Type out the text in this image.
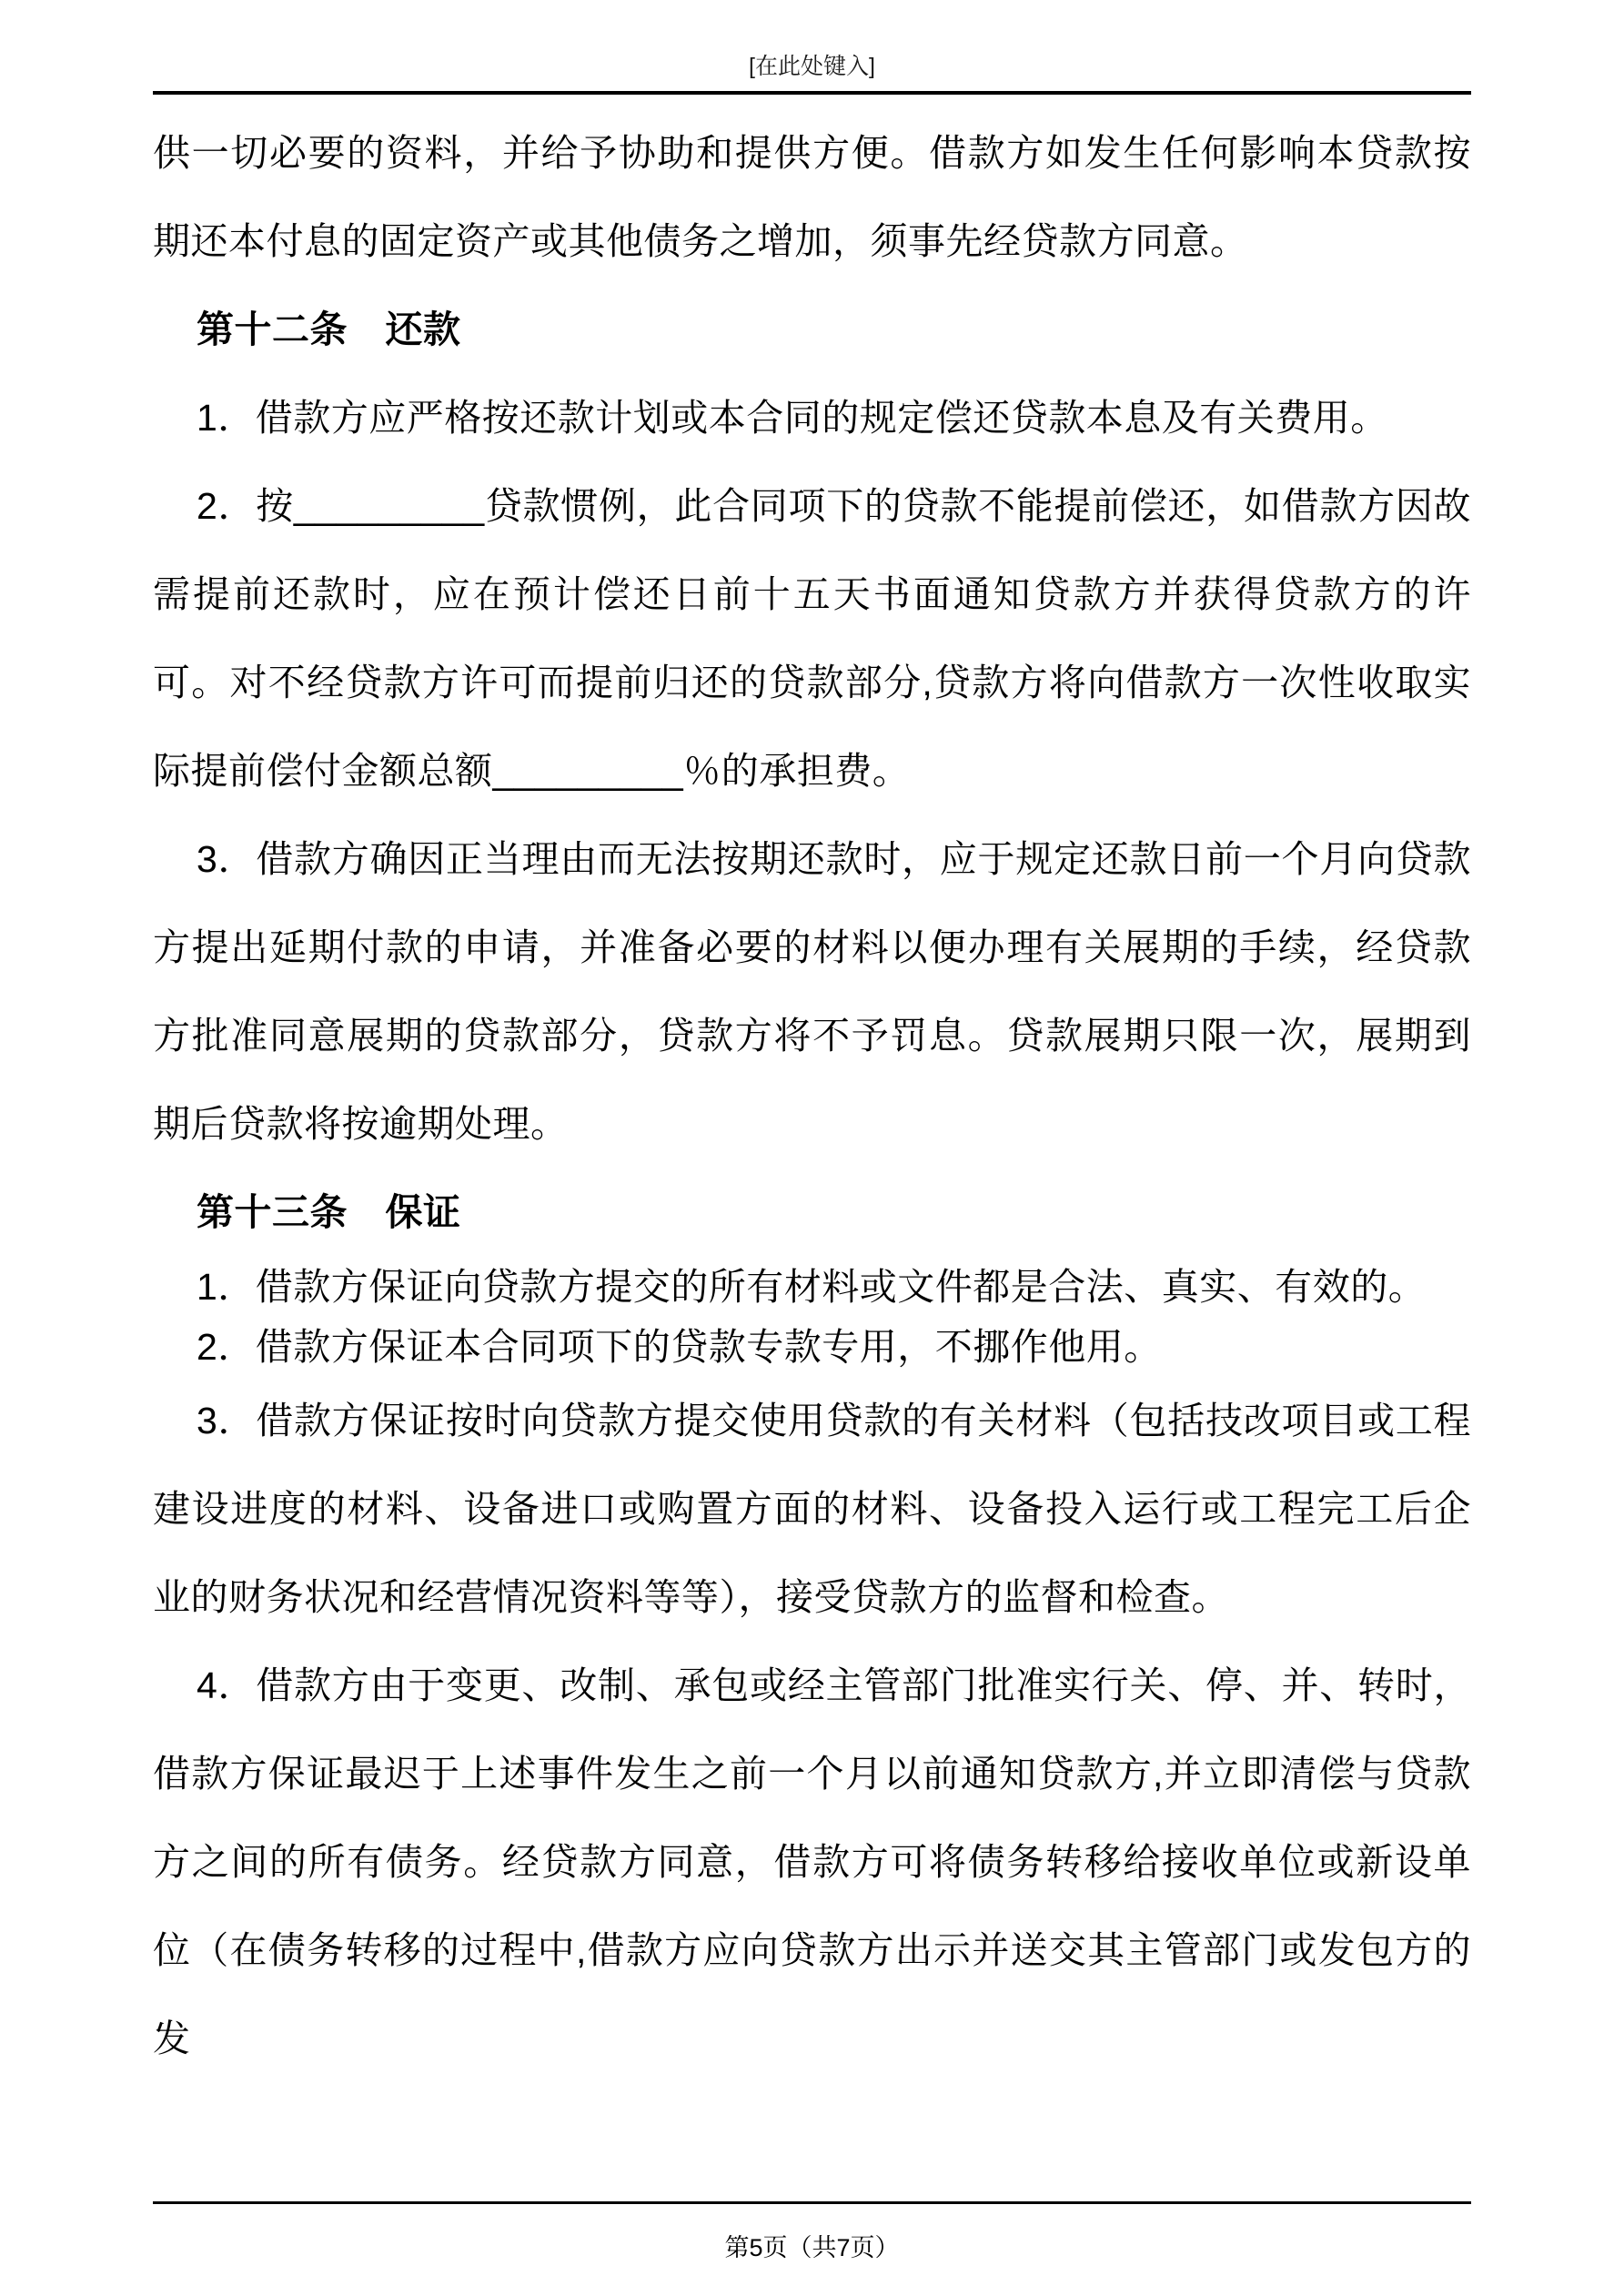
[在此处键入]

供一切必要的资料，并给予协助和提供方便。借款方如发生任何影响本贷款按期还本付息的固定资产或其他债务之增加，须事先经贷款方同意。

第十二条　还款

1．借款方应严格按还款计划或本合同的规定偿还贷款本息及有关费用。

2．按_________贷款惯例，此合同项下的贷款不能提前偿还，如借款方因故需提前还款时，应在预计偿还日前十五天书面通知贷款方并获得贷款方的许可。对不经贷款方许可而提前归还的贷款部分,贷款方将向借款方一次性收取实际提前偿付金额总额_________％的承担费。

3．借款方确因正当理由而无法按期还款时，应于规定还款日前一个月向贷款方提出延期付款的申请，并准备必要的材料以便办理有关展期的手续，经贷款方批准同意展期的贷款部分，贷款方将不予罚息。贷款展期只限一次，展期到期后贷款将按逾期处理。

第十三条　保证

1．借款方保证向贷款方提交的所有材料或文件都是合法、真实、有效的。

2．借款方保证本合同项下的贷款专款专用，不挪作他用。

3．借款方保证按时向贷款方提交使用贷款的有关材料（包括技改项目或工程建设进度的材料、设备进口或购置方面的材料、设备投入运行或工程完工后企业的财务状况和经营情况资料等等），接受贷款方的监督和检查。

4．借款方由于变更、改制、承包或经主管部门批准实行关、停、并、转时，借款方保证最迟于上述事件发生之前一个月以前通知贷款方,并立即清偿与贷款方之间的所有债务。经贷款方同意，借款方可将债务转移给接收单位或新设单位（在债务转移的过程中,借款方应向贷款方出示并送交其主管部门或发包方的发

第5页（共7页）
